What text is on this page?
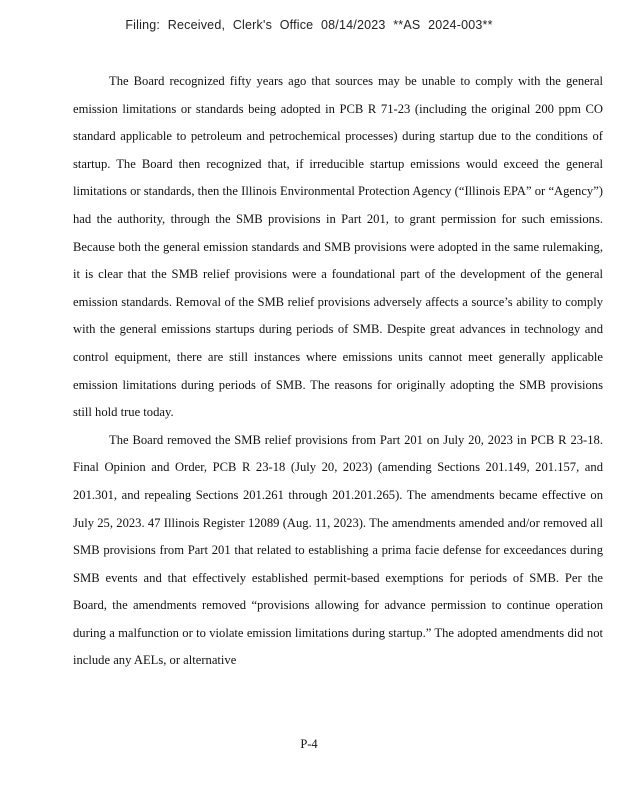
Filing: Received, Clerk's Office 08/14/2023 **AS 2024-003**

The Board recognized fifty years ago that sources may be unable to comply with the general emission limitations or standards being adopted in PCB R 71-23 (including the original 200 ppm CO standard applicable to petroleum and petrochemical processes) during startup due to the conditions of startup. The Board then recognized that, if irreducible startup emissions would exceed the general limitations or standards, then the Illinois Environmental Protection Agency (“Illinois EPA” or “Agency”) had the authority, through the SMB provisions in Part 201, to grant permission for such emissions. Because both the general emission standards and SMB provisions were adopted in the same rulemaking, it is clear that the SMB relief provisions were a foundational part of the development of the general emission standards. Removal of the SMB relief provisions adversely affects a source’s ability to comply with the general emissions startups during periods of SMB. Despite great advances in technology and control equipment, there are still instances where emissions units cannot meet generally applicable emission limitations during periods of SMB. The reasons for originally adopting the SMB provisions still hold true today.

The Board removed the SMB relief provisions from Part 201 on July 20, 2023 in PCB R 23-18. Final Opinion and Order, PCB R 23-18 (July 20, 2023) (amending Sections 201.149, 201.157, and 201.301, and repealing Sections 201.261 through 201.201.265). The amendments became effective on July 25, 2023. 47 Illinois Register 12089 (Aug. 11, 2023). The amendments amended and/or removed all SMB provisions from Part 201 that related to establishing a prima facie defense for exceedances during SMB events and that effectively established permit-based exemptions for periods of SMB. Per the Board, the amendments removed “provisions allowing for advance permission to continue operation during a malfunction or to violate emission limitations during startup.” The adopted amendments did not include any AELs, or alternative

P-4
